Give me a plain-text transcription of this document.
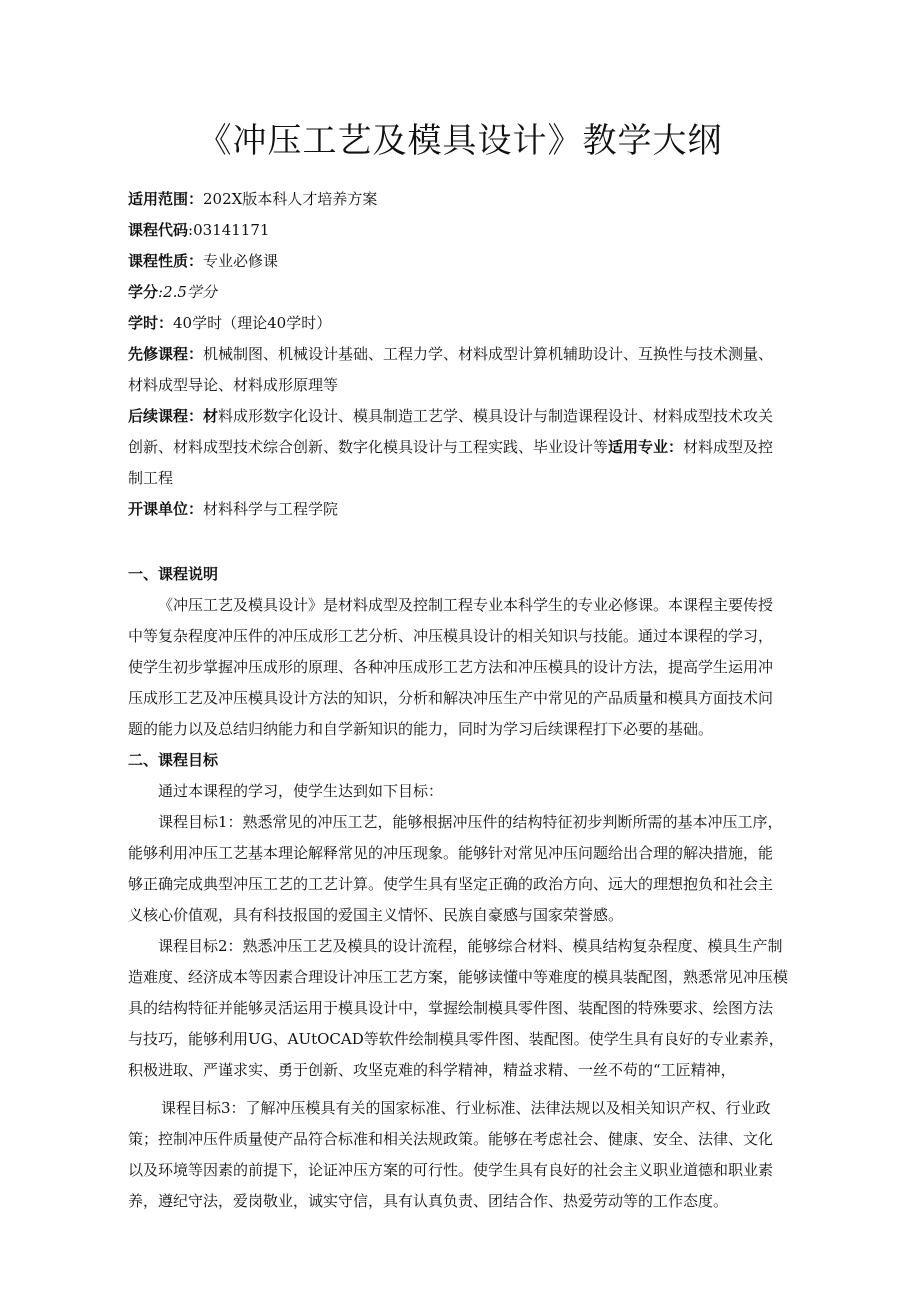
《冲压工艺及模具设计》教学大纲
适用范围：202X版本科人才培养方案
课程代码:03141171
课程性质：专业必修课
学分:2.5学分
学时：40学时（理论40学时）
先修课程：机械制图、机械设计基础、工程力学、材料成型计算机辅助设计、互换性与技术测量、
材料成型导论、材料成形原理等
后续课程：材料成形数字化设计、模具制造工艺学、模具设计与制造课程设计、材料成型技术攻关
创新、材料成型技术综合创新、数字化模具设计与工程实践、毕业设计等适用专业：材料成型及控
制工程
开课单位：材料科学与工程学院
一、课程说明
《冲压工艺及模具设计》是材料成型及控制工程专业本科学生的专业必修课。本课程主要传授
中等复杂程度冲压件的冲压成形工艺分析、冲压模具设计的相关知识与技能。通过本课程的学习，
使学生初步掌握冲压成形的原理、各种冲压成形工艺方法和冲压模具的设计方法，提高学生运用冲
压成形工艺及冲压模具设计方法的知识，分析和解决冲压生产中常见的产品质量和模具方面技术问
题的能力以及总结归纳能力和自学新知识的能力，同时为学习后续课程打下必要的基础。
二、课程目标
通过本课程的学习，使学生达到如下目标：
课程目标1：熟悉常见的冲压工艺，能够根据冲压件的结构特征初步判断所需的基本冲压工序，
能够利用冲压工艺基本理论解释常见的冲压现象。能够针对常见冲压问题给出合理的解决措施，能
够正确完成典型冲压工艺的工艺计算。使学生具有坚定正确的政治方向、远大的理想抱负和社会主
义核心价值观，具有科技报国的爱国主义情怀、民族自豪感与国家荣誉感。
课程目标2：熟悉冲压工艺及模具的设计流程，能够综合材料、模具结构复杂程度、模具生产制
造难度、经济成本等因素合理设计冲压工艺方案，能够读懂中等难度的模具装配图，熟悉常见冲压模
具的结构特征并能够灵活运用于模具设计中，掌握绘制模具零件图、装配图的特殊要求、绘图方法
与技巧，能够利用UG、AUtOCAD等软件绘制模具零件图、装配图。使学生具有良好的专业素养，
积极进取、严谨求实、勇于创新、攻坚克难的科学精神，精益求精、一丝不苟的“工匠精神，
课程目标3：了解冲压模具有关的国家标准、行业标准、法律法规以及相关知识产权、行业政
策；控制冲压件质量使产品符合标准和相关法规政策。能够在考虑社会、健康、安全、法律、文化
以及环境等因素的前提下，论证冲压方案的可行性。使学生具有良好的社会主义职业道德和职业素
养，遵纪守法，爱岗敬业，诚实守信，具有认真负责、团结合作、热爱劳动等的工作态度。
